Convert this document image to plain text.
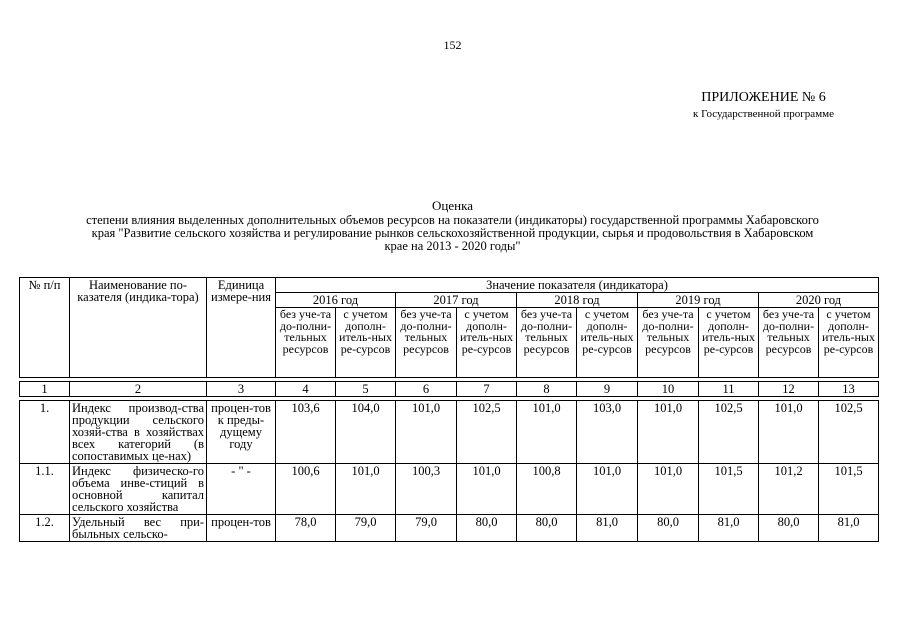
152
ПРИЛОЖЕНИЕ № 6
к Государственной программе
Оценка
степени влияния выделенных дополнительных объемов ресурсов на показатели (индикаторы) государственной программы Хабаровского края "Развитие сельского хозяйства и регулирование рынков сельскохозяйственной продукции, сырья и продовольствия в Хабаровском крае на 2013 - 2020 годы"
№ п/п	Наименование по-казателя (индика-тора)	Единица измере-ния	Значение показателя (индикатора)									
			2016 год		2017 год		2018 год		2019 год		2020 год	
			без уче-та до-полни-тельных ресурсов	с учетом дополн-итель-ных ре-сурсов	без уче-та до-полни-тельных ресурсов	с учетом дополн-итель-ных ре-сурсов	без уче-та до-полни-тельных ресурсов	с учетом дополн-итель-ных ре-сурсов	без уче-та до-полни-тельных ресурсов	с учетом дополн-итель-ных ре-сурсов	без уче-та до-полни-тельных ресурсов	с учетом дополн-итель-ных ре-сурсов

1	2	3	4	5	6	7	8	9	10	11	12	13

1.	Индекс производ-ства продукции сельского хозяй-ства в хозяйствах всех категорий (в сопоставимых це-нах)	процен-тов к преды-дущему году	103,6	104,0	101,0	102,5	101,0	103,0	101,0	102,5	101,0	102,5
1.1.	Индекс физическо-го объема инве-стиций в основной капитал сельского хозяйства	- " -	100,6	101,0	100,3	101,0	100,8	101,0	101,0	101,5	101,2	101,5
1.2.	Удельный вес при-быльных сельско-	процен-тов	78,0	79,0	79,0	80,0	80,0	81,0	80,0	81,0	80,0	81,0
